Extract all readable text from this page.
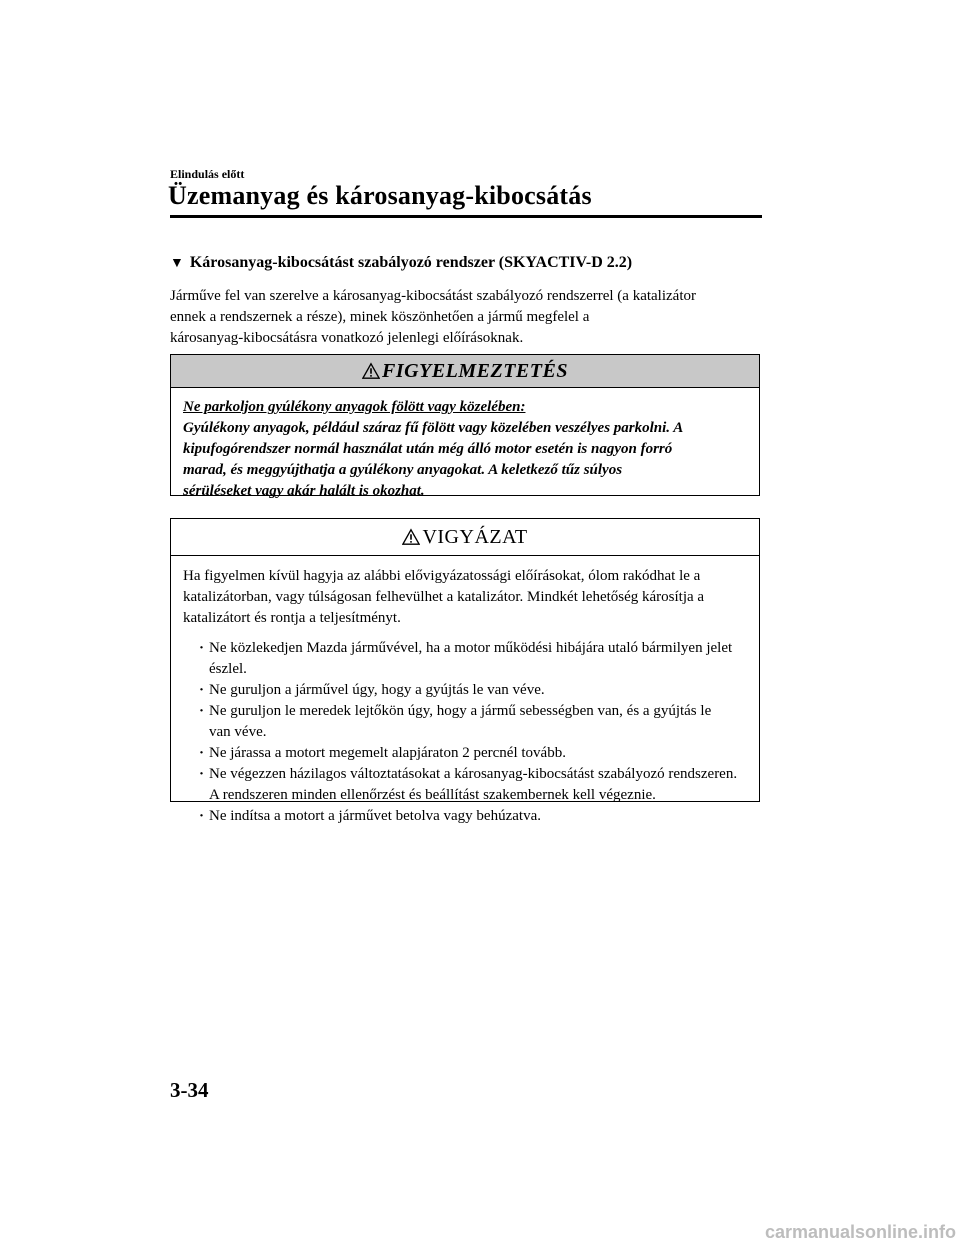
Elindulás előtt
Üzemanyag és károsanyag-kibocsátás
▼ Károsanyag-kibocsátást szabályozó rendszer (SKYACTIV-D 2.2)

Járműve fel van szerelve a károsanyag-kibocsátást szabályozó rendszerrel (a katalizátor

ennek a rendszernek a része), minek köszönhetően a jármű megfelel a

károsanyag-kibocsátásra vonatkozó jelenlegi előírásoknak.

FIGYELMEZTETÉS

Ne parkoljon gyúlékony anyagok fölött vagy közelében:

Gyúlékony anyagok, például száraz fű fölött vagy közelében veszélyes parkolni. A

kipufogórendszer normál használat után még álló motor esetén is nagyon forró

marad, és meggyújthatja a gyúlékony anyagokat. A keletkező tűz súlyos

sérüléseket vagy akár halált is okozhat.

VIGYÁZAT

Ha figyelmen kívül hagyja az alábbi elővigyázatossági előírásokat, ólom rakódhat le a
katalizátorban, vagy túlságosan felhevülhet a katalizátor. Mindkét lehetőség károsítja a
katalizátort és rontja a teljesítményt.

· Ne közlekedjen Mazda járművével, ha a motor működési hibájára utaló bármilyen jelet
észlel.
· Ne guruljon a járművel úgy, hogy a gyújtás le van véve.
· Ne guruljon le meredek lejtőkön úgy, hogy a jármű sebességben van, és a gyújtás le
van véve.
· Ne járassa a motort megemelt alapjáraton 2 percnél tovább.
· Ne végezzen házilagos változtatásokat a károsanyag-kibocsátást szabályozó rendszeren.
A rendszeren minden ellenőrzést és beállítást szakembernek kell végeznie.
· Ne indítsa a motort a járművet betolva vagy behúzatva.
3-34
carmanualsonline.info
